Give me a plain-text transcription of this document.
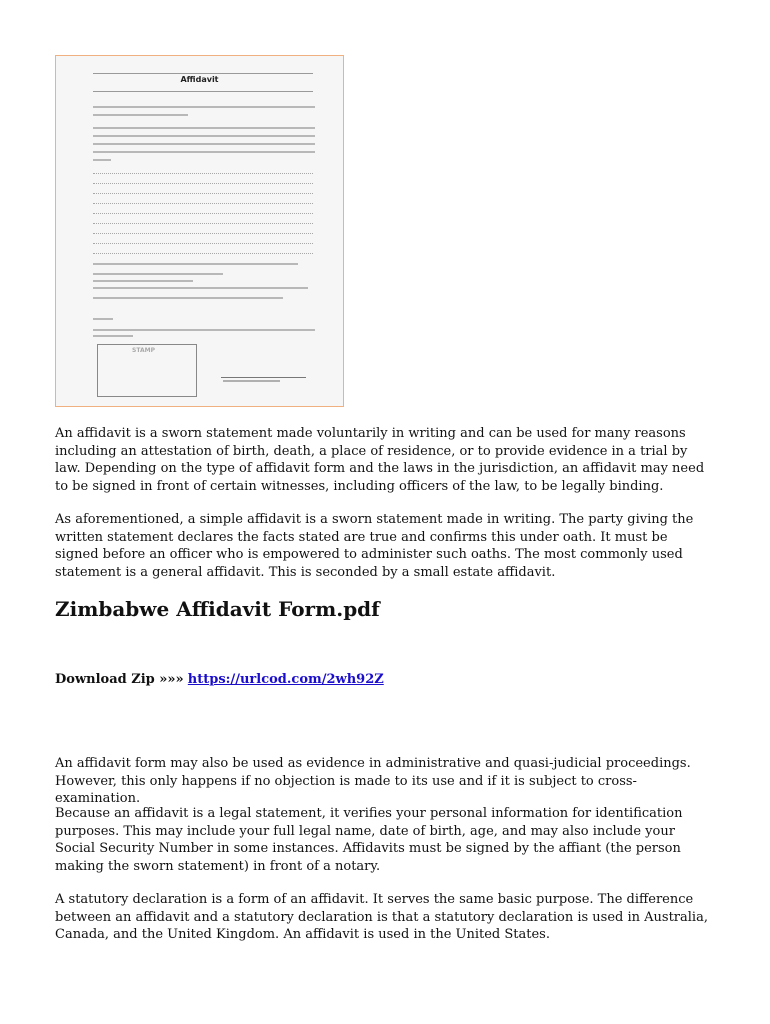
Affidavit
STAMP

An affidavit is a sworn statement made voluntarily in writing and can be used for many reasons including an attestation of birth, death, a place of residence, or to provide evidence in a trial by law. Depending on the type of affidavit form and the laws in the jurisdiction, an affidavit may need to be signed in front of certain witnesses, including officers of the law, to be legally binding.

As aforementioned, a simple affidavit is a sworn statement made in writing. The party giving the written statement declares the facts stated are true and confirms this under oath. It must be signed before an officer who is empowered to administer such oaths. The most commonly used statement is a general affidavit. This is seconded by a small estate affidavit.

Zimbabwe Affidavit Form.pdf
Download Zip »»» https://urlcod.com/2wh92Z

An affidavit form may also be used as evidence in administrative and quasi-judicial proceedings. However, this only happens if no objection is made to its use and if it is subject to cross-examination.

Because an affidavit is a legal statement, it verifies your personal information for identification purposes. This may include your full legal name, date of birth, age, and may also include your Social Security Number in some instances. Affidavits must be signed by the affiant (the person making the sworn statement) in front of a notary.

A statutory declaration is a form of an affidavit. It serves the same basic purpose. The difference between an affidavit and a statutory declaration is that a statutory declaration is used in Australia, Canada, and the United Kingdom. An affidavit is used in the United States.
